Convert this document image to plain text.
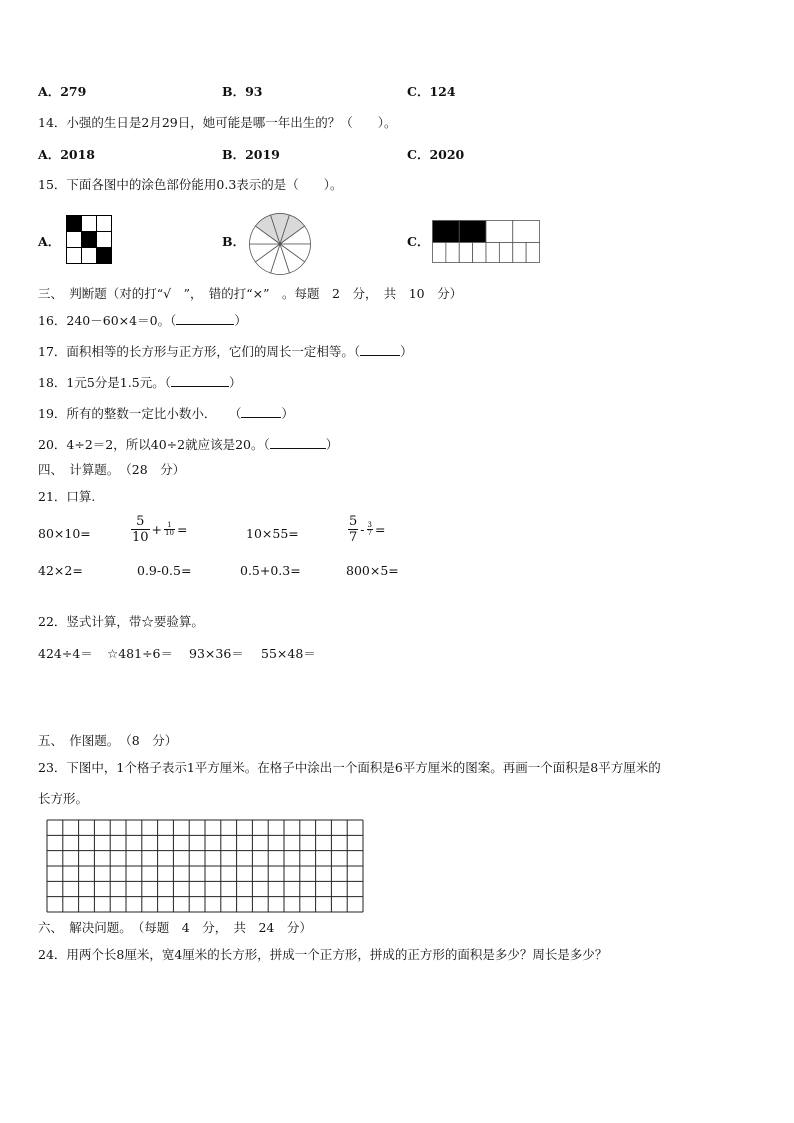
A．279	B．93	C．124
14．小强的生日是2月29日，她可能是哪一年出生的？（　　）。
A．2018	B．2019	C．2020
15．下面各图中的涂色部份能用0.3表示的是（　　）。
A．	B．	C．
三、　判断题（对的打“√　”，　错的打“×”　。每题　2　分，　共　10　分）
16．240－60×4＝0。（	）
17．面积相等的长方形与正方形，它们的周长一定相等。（	）
18．1元5分是1.5元。（	）
19．所有的整数一定比小数小．　　（	）
20．4÷2＝2，所以40÷2就应该是20。（	）
四、　计算题。　（28　分）
21．口算.
80×10=	$\frac{5}{10} + \frac{1}{10}$ =	10×55=	$\frac{5}{7} - \frac{3}{7}$ =
42×2=	0.9-0.5=	0.5+0.3=	800×5=
22．竖式计算，带☆要验算。
424÷4＝ ☆481÷6＝ 93×36＝ 55×48＝
五、　作图题。　（8　分）
23．下图中，1个格子表示1平方厘米。在格子中涂出一个面积是6平方厘米的图案。再画一个面积是8平方厘米的
长方形。
六、　解决问题。　（每题　4　分，　共　24　分）
24．用两个长8厘米，宽4厘米的长方形，拼成一个正方形，拼成的正方形的面积是多少？周长是多少？
